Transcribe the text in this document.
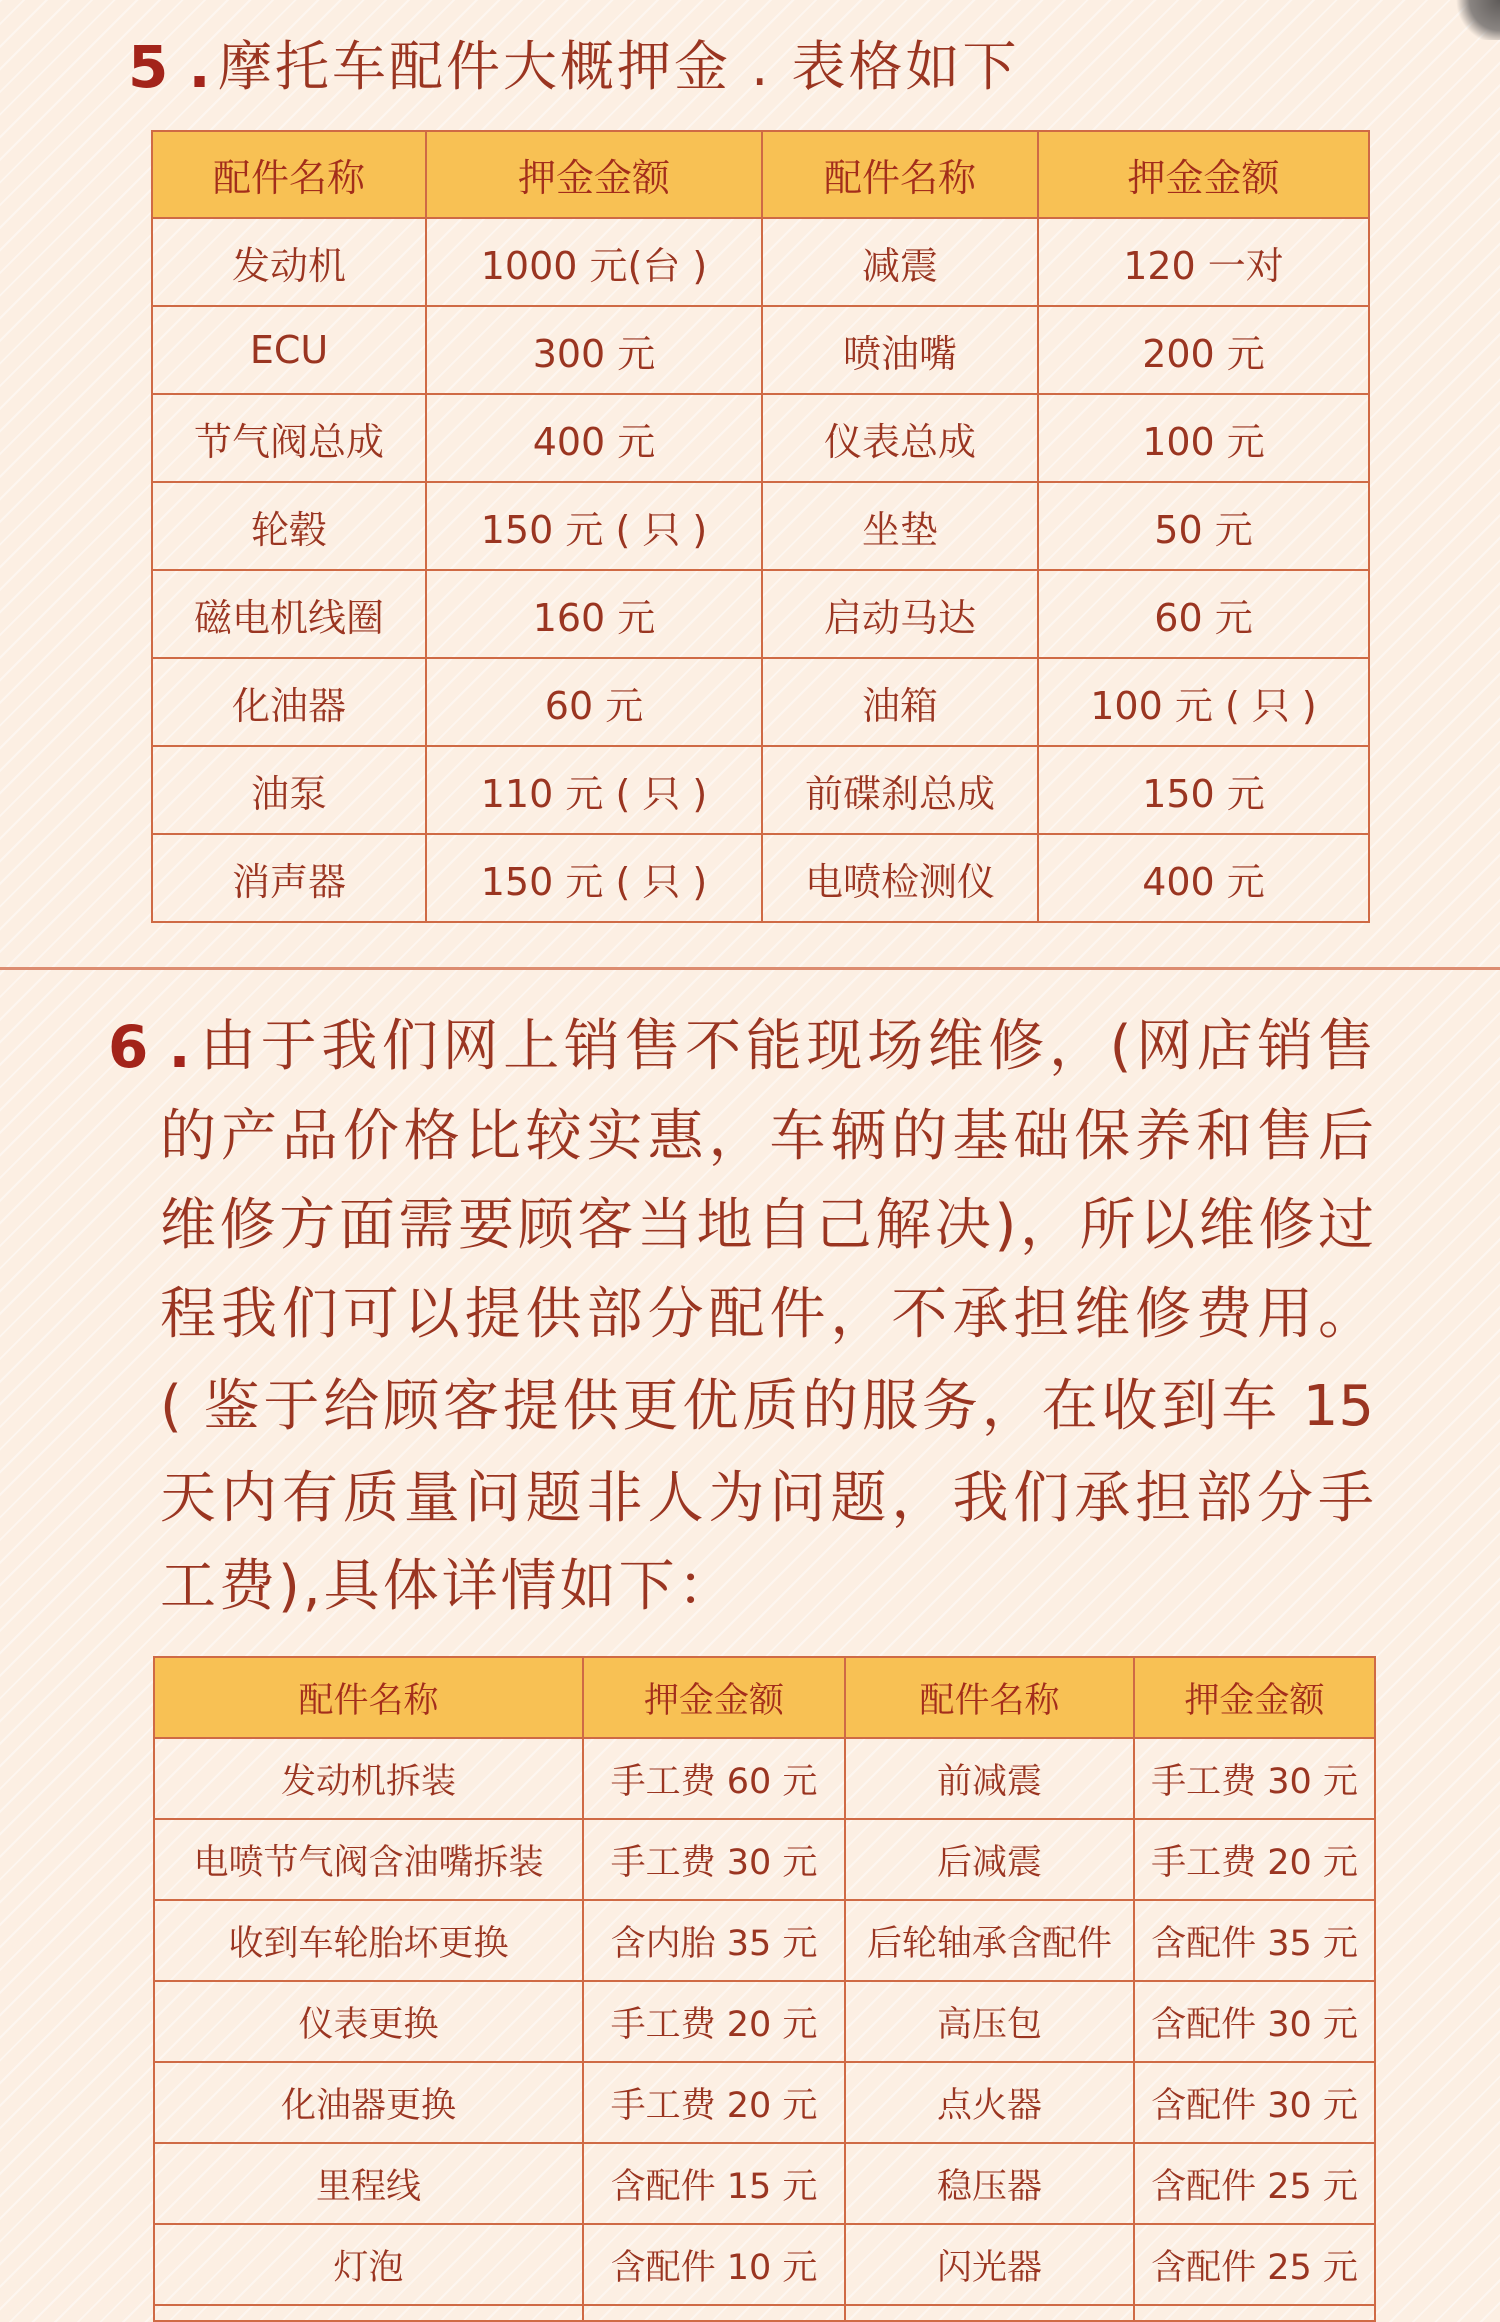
5 . 摩托车配件大概押金 . 表格如下
配件名称	押金金额	配件名称	押金金额
发动机	1000 元(台 )	减震	120 一对
ECU	300 元	喷油嘴	200 元
节气阀总成	400 元	仪表总成	100 元
轮毂	150 元 ( 只 )	坐垫	50 元
磁电机线圈	160 元	启动马达	60 元
化油器	60 元	油箱	100 元 ( 只 )
油泵	110 元 ( 只 )	前碟刹总成	150 元
消声器	150 元 ( 只 )	电喷检测仪	400 元
6 . 由于我们网上销售不能现场维修，(网店销售
的产品价格比较实惠，车辆的基础保养和售后
维修方面需要顾客当地自己解决)，所以维修过
程我们可以提供部分配件，不承担维修费用。
( 鉴于给顾客提供更优质的服务，在收到车 15
天内有质量问题非人为问题，我们承担部分手
工费),具体详情如下：
配件名称	押金金额	配件名称	押金金额
发动机拆装	手工费 60 元	前减震	手工费 30 元
电喷节气阀含油嘴拆装	手工费 30 元	后减震	手工费 20 元
收到车轮胎坏更换	含内胎 35 元	后轮轴承含配件	含配件 35 元
仪表更换	手工费 20 元	高压包	含配件 30 元
化油器更换	手工费 20 元	点火器	含配件 30 元
里程线	含配件 15 元	稳压器	含配件 25 元
灯泡	含配件 10 元	闪光器	含配件 25 元
